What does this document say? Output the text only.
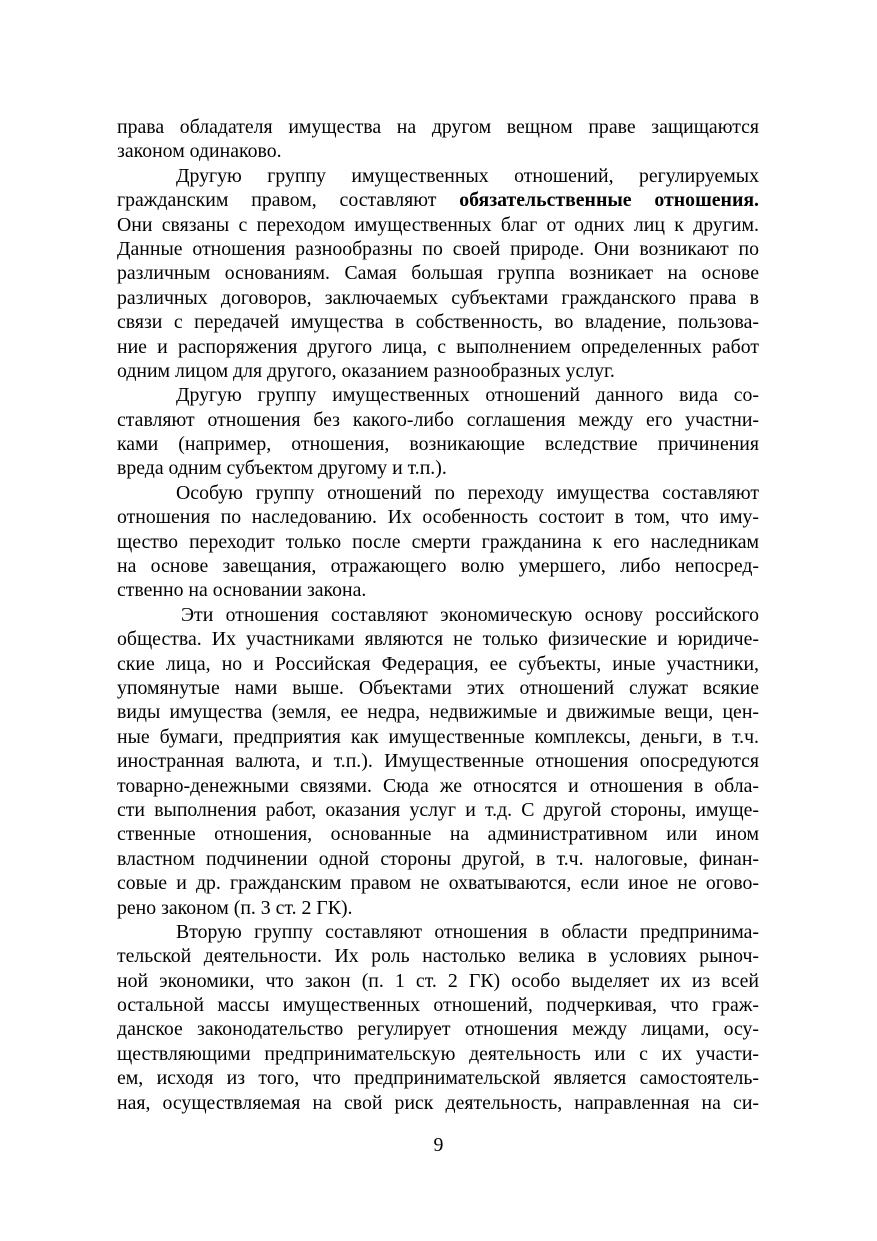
права обладателя имущества на другом вещном праве защищаются
законом одинаково.
Другую группу имущественных отношений, регулируемых
гражданским правом, составляют обязательственные отношения.
Они связаны с переходом имущественных благ от одних лиц к другим.
Данные отношения разнообразны по своей природе. Они возникают по
различным основаниям. Самая большая группа возникает на основе
различных договоров, заключаемых субъектами гражданского права в
связи с передачей имущества в собственность, во владение, пользова-
ние и распоряжения другого лица, с выполнением определенных работ
одним лицом для другого, оказанием разнообразных услуг.
Другую группу имущественных отношений данного вида со-
ставляют отношения без какого-либо соглашения между его участни-
ками (например, отношения, возникающие вследствие причинения
вреда одним субъектом другому и т.п.).
Особую группу отношений по переходу имущества составляют
отношения по наследованию. Их особенность состоит в том, что иму-
щество переходит только после смерти гражданина к его наследникам
на основе завещания, отражающего волю умершего, либо непосред-
ственно на основании закона.
Эти отношения составляют экономическую основу российского
общества. Их участниками являются не только физические и юридиче-
ские лица, но и Российская Федерация, ее субъекты, иные участники,
упомянутые нами выше. Объектами этих отношений служат всякие
виды имущества (земля, ее недра, недвижимые и движимые вещи, цен-
ные бумаги, предприятия как имущественные комплексы, деньги, в т.ч.
иностранная валюта, и т.п.). Имущественные отношения опосредуются
товарно-денежными связями. Сюда же относятся и отношения в обла-
сти выполнения работ, оказания услуг и т.д. С другой стороны, имуще-
ственные отношения, основанные на административном или ином
властном подчинении одной стороны другой, в т.ч. налоговые, финан-
совые и др. гражданским правом не охватываются, если иное не огово-
рено законом (п. 3 ст. 2 ГК).
Вторую группу составляют отношения в области предпринима-
тельской деятельности. Их роль настолько велика в условиях рыноч-
ной экономики, что закон (п. 1 ст. 2 ГК) особо выделяет их из всей
остальной массы имущественных отношений, подчеркивая, что граж-
данское законодательство регулирует отношения между лицами, осу-
ществляющими предпринимательскую деятельность или с их участи-
ем, исходя из того, что предпринимательской является самостоятель-
ная, осуществляемая на свой риск деятельность, направленная на си-
9
